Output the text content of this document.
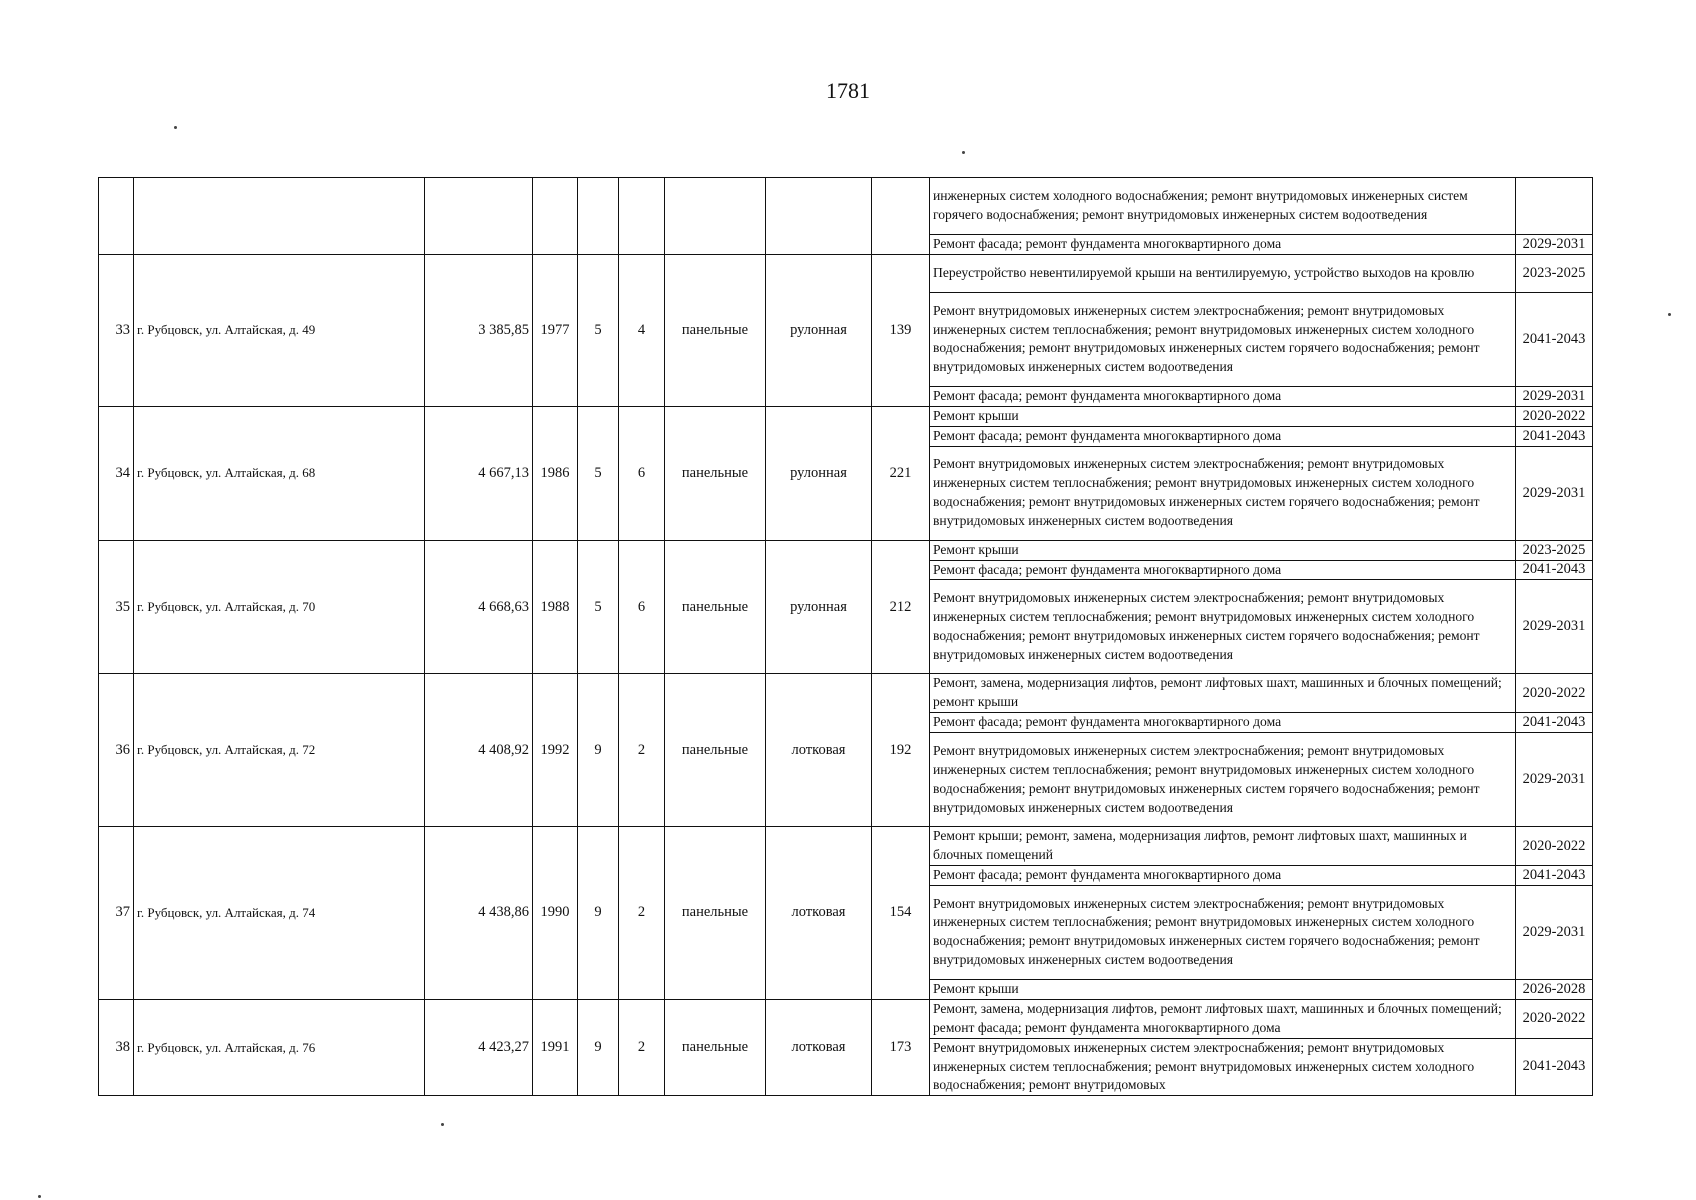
1781
									инженерных систем холодного водоснабжения; ремонт внутридомовых инженерных систем горячего водоснабжения; ремонт внутридомовых инженерных систем водоотведения	
									Ремонт фасада; ремонт фундамента многоквартирного дома	2029-2031
33	г. Рубцовск, ул. Алтайская, д. 49	3 385,85	1977	5	4	панельные	рулонная	139	Переустройство невентилируемой крыши на вентилируемую, устройство выходов на кровлю	2023-2025
									Ремонт внутридомовых инженерных систем электроснабжения; ремонт внутридомовых инженерных систем теплоснабжения; ремонт внутридомовых инженерных систем холодного водоснабжения; ремонт внутридомовых инженерных систем горячего водоснабжения; ремонт внутридомовых инженерных систем водоотведения	2041-2043
									Ремонт фасада; ремонт фундамента многоквартирного дома	2029-2031
34	г. Рубцовск, ул. Алтайская, д. 68	4 667,13	1986	5	6	панельные	рулонная	221	Ремонт крыши	2020-2022
									Ремонт фасада; ремонт фундамента многоквартирного дома	2041-2043
									Ремонт внутридомовых инженерных систем электроснабжения; ремонт внутридомовых инженерных систем теплоснабжения; ремонт внутридомовых инженерных систем холодного водоснабжения; ремонт внутридомовых инженерных систем горячего водоснабжения; ремонт внутридомовых инженерных систем водоотведения	2029-2031
35	г. Рубцовск, ул. Алтайская, д. 70	4 668,63	1988	5	6	панельные	рулонная	212	Ремонт крыши	2023-2025
									Ремонт фасада; ремонт фундамента многоквартирного дома	2041-2043
									Ремонт внутридомовых инженерных систем электроснабжения; ремонт внутридомовых инженерных систем теплоснабжения; ремонт внутридомовых инженерных систем холодного водоснабжения; ремонт внутридомовых инженерных систем горячего водоснабжения; ремонт внутридомовых инженерных систем водоотведения	2029-2031
36	г. Рубцовск, ул. Алтайская, д. 72	4 408,92	1992	9	2	панельные	лотковая	192	Ремонт, замена, модернизация лифтов, ремонт лифтовых шахт, машинных и блочных помещений; ремонт крыши	2020-2022
									Ремонт фасада; ремонт фундамента многоквартирного дома	2041-2043
									Ремонт внутридомовых инженерных систем электроснабжения; ремонт внутридомовых инженерных систем теплоснабжения; ремонт внутридомовых инженерных систем холодного водоснабжения; ремонт внутридомовых инженерных систем горячего водоснабжения; ремонт внутридомовых инженерных систем водоотведения	2029-2031
37	г. Рубцовск, ул. Алтайская, д. 74	4 438,86	1990	9	2	панельные	лотковая	154	Ремонт крыши; ремонт, замена, модернизация лифтов, ремонт лифтовых шахт, машинных и блочных помещений	2020-2022
									Ремонт фасада; ремонт фундамента многоквартирного дома	2041-2043
									Ремонт внутридомовых инженерных систем электроснабжения; ремонт внутридомовых инженерных систем теплоснабжения; ремонт внутридомовых инженерных систем холодного водоснабжения; ремонт внутридомовых инженерных систем горячего водоснабжения; ремонт внутридомовых инженерных систем водоотведения	2029-2031
									Ремонт крыши	2026-2028
38	г. Рубцовск, ул. Алтайская, д. 76	4 423,27	1991	9	2	панельные	лотковая	173	Ремонт, замена, модернизация лифтов, ремонт лифтовых шахт, машинных и блочных помещений; ремонт фасада; ремонт фундамента многоквартирного дома	2020-2022
									Ремонт внутридомовых инженерных систем электроснабжения; ремонт внутридомовых инженерных систем теплоснабжения; ремонт внутридомовых инженерных систем холодного водоснабжения; ремонт внутридомовых	2041-2043
